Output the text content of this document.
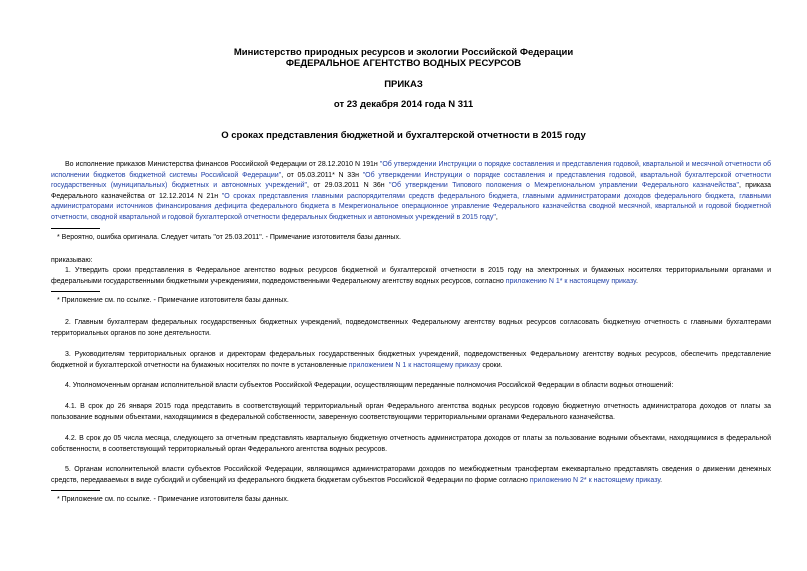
Министерство природных ресурсов и экологии Российской Федерации
ФЕДЕРАЛЬНОЕ АГЕНТСТВО ВОДНЫХ РЕСУРСОВ
ПРИКАЗ
от 23 декабря 2014 года N 311
О сроках представления бюджетной и бухгалтерской отчетности в 2015 году
Во исполнение приказов Министерства финансов Российской Федерации от 28.12.2010 N 191н "Об утверждении Инструкции о порядке составления и представления годовой, квартальной и месячной отчетности об исполнении бюджетов бюджетной системы Российской Федерации", от 05.03.2011* N 33н "Об утверждении Инструкции о порядке составления и представления годовой, квартальной бухгалтерской отчетности государственных (муниципальных) бюджетных и автономных учреждений", от 29.03.2011 N 36н "Об утверждении Типового положения о Межрегиональном управлении Федерального казначейства", приказа Федерального казначейства от 12.12.2014 N 21н "О сроках представления главными распорядителями средств федерального бюджета, главными администраторами доходов федерального бюджета, главными администраторами источников финансирования дефицита федерального бюджета в Межрегиональное операционное управление Федерального казначейства сводной месячной, квартальной и годовой бюджетной отчетности, сводной квартальной и годовой бухгалтерской отчетности федеральных бюджетных и автономных учреждений в 2015 году",
* Вероятно, ошибка оригинала. Следует читать "от 25.03.2011". - Примечание изготовителя базы данных.
приказываю:
1. Утвердить сроки представления в Федеральное агентство водных ресурсов бюджетной и бухгалтерской отчетности в 2015 году на электронных и бумажных носителях территориальными органами и федеральными государственными бюджетными учреждениями, подведомственными Федеральному агентству водных ресурсов, согласно приложению N 1* к настоящему приказу.
* Приложение см. по ссылке. - Примечание изготовителя базы данных.
2. Главным бухгалтерам федеральных государственных бюджетных учреждений, подведомственных Федеральному агентству водных ресурсов согласовать бюджетную отчетность с главными бухгалтерами территориальных органов по зоне деятельности.
3. Руководителям территориальных органов и директорам федеральных государственных бюджетных учреждений, подведомственных Федеральному агентству водных ресурсов, обеспечить представление бюджетной и бухгалтерской отчетности на бумажных носителях по почте в установленные приложением N 1 к настоящему приказу сроки.
4. Уполномоченным органам исполнительной власти субъектов Российской Федерации, осуществляющим переданные полномочия Российской Федерации в области водных отношений:
4.1. В срок до 26 января 2015 года представить в соответствующий территориальный орган Федерального агентства водных ресурсов годовую бюджетную отчетность администратора доходов от платы за пользование водными объектами, находящимися в федеральной собственности, заверенную соответствующими территориальными органами Федерального казначейства.
4.2. В срок до 05 числа месяца, следующего за отчетным представлять квартальную бюджетную отчетность администратора доходов от платы за пользование водными объектами, находящимися в федеральной собственности, в соответствующий территориальный орган Федерального агентства водных ресурсов.
5. Органам исполнительной власти субъектов Российской Федерации, являющимся администраторами доходов по межбюджетным трансфертам ежеквартально представлять сведения о движении денежных средств, передаваемых в виде субсидий и субвенций из федерального бюджета бюджетам субъектов Российской Федерации по форме согласно приложению N 2* к настоящему приказу.
* Приложение см. по ссылке. - Примечание изготовителя базы данных.
